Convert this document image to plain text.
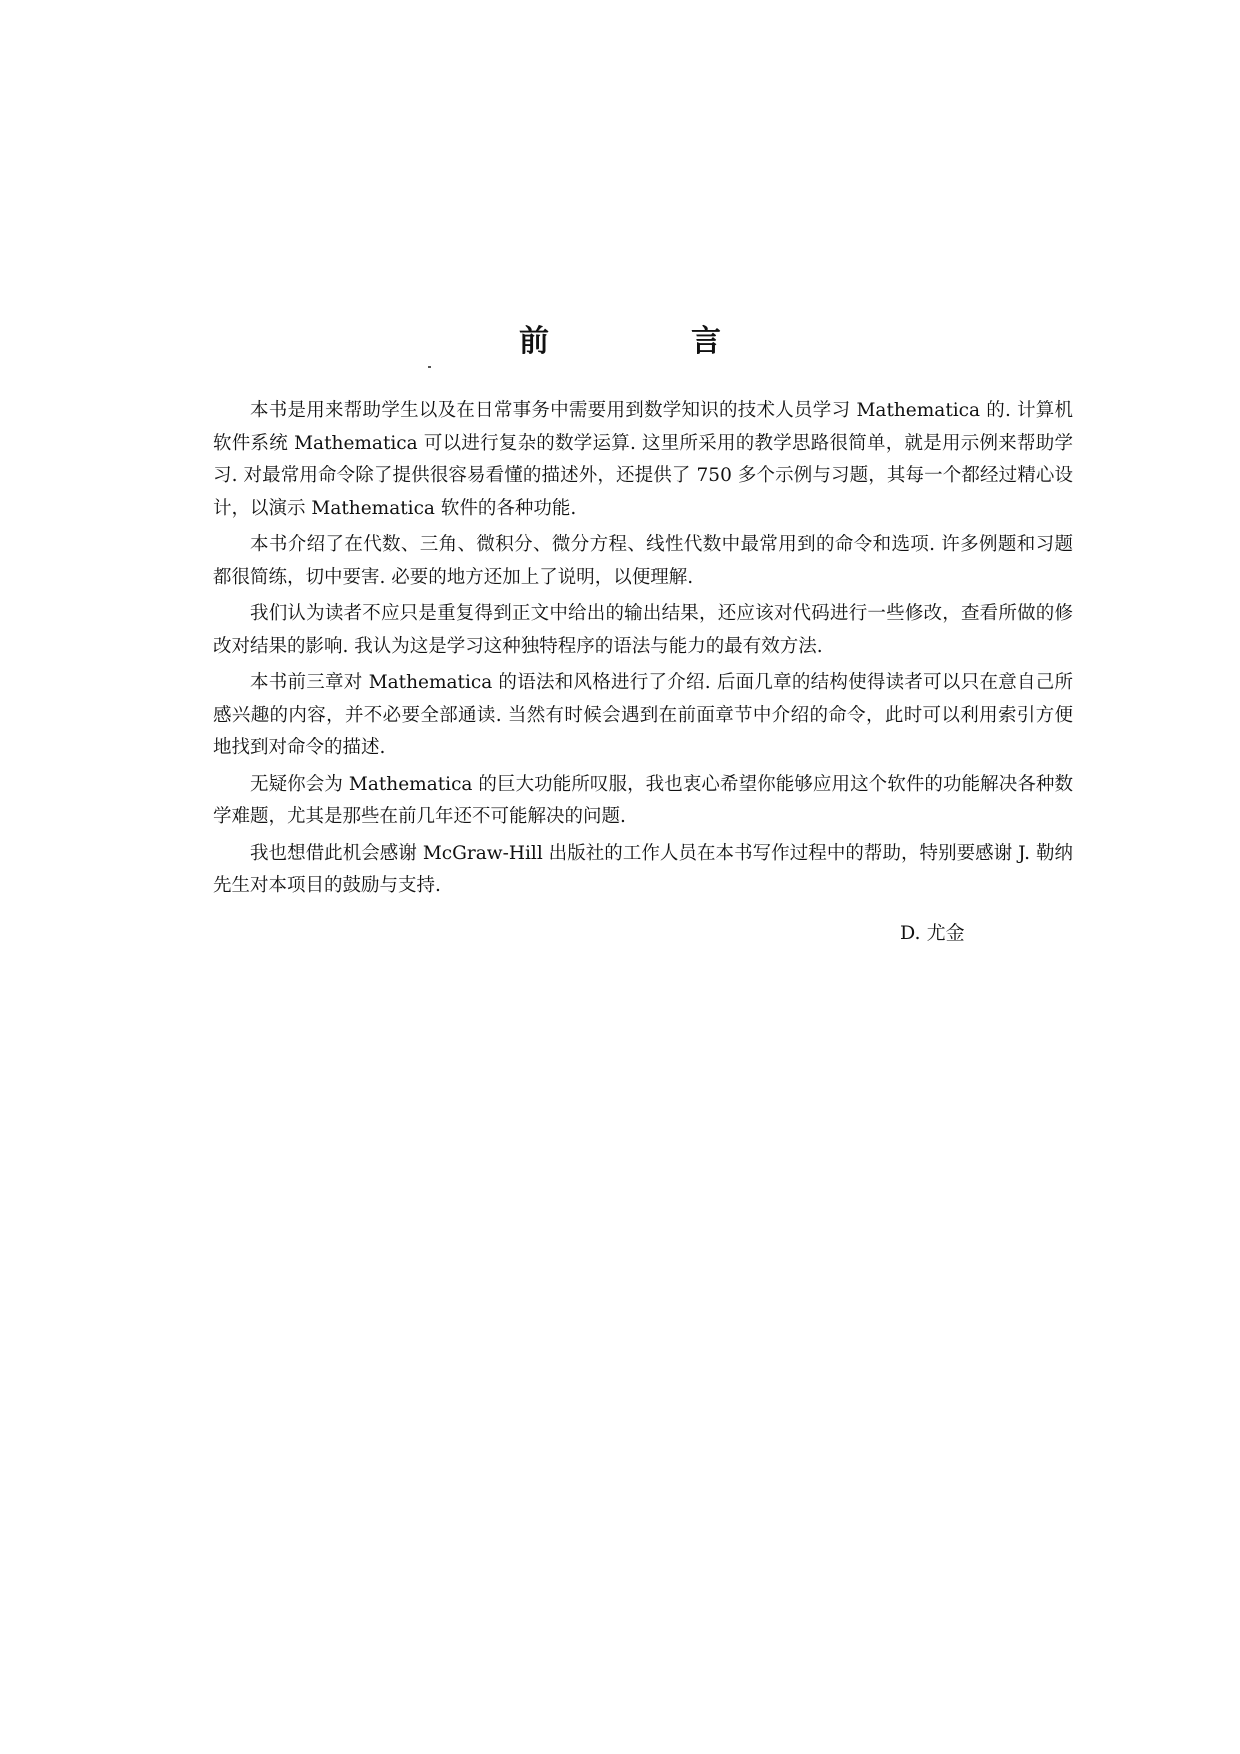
前　言

本书是用来帮助学生以及在日常事务中需要用到数学知识的技术人员学习 Mathematica 的. 计算机软件系统 Mathematica 可以进行复杂的数学运算. 这里所采用的教学思路很简单，就是用示例来帮助学习. 对最常用命令除了提供很容易看懂的描述外，还提供了 750 多个示例与习题，其每一个都经过精心设计，以演示 Mathematica 软件的各种功能.

本书介绍了在代数、三角、微积分、微分方程、线性代数中最常用到的命令和选项. 许多例题和习题都很简练，切中要害. 必要的地方还加上了说明，以便理解.

我们认为读者不应只是重复得到正文中给出的输出结果，还应该对代码进行一些修改，查看所做的修改对结果的影响. 我认为这是学习这种独特程序的语法与能力的最有效方法.

本书前三章对 Mathematica 的语法和风格进行了介绍. 后面几章的结构使得读者可以只在意自己所感兴趣的内容，并不必要全部通读. 当然有时候会遇到在前面章节中介绍的命令，此时可以利用索引方便地找到对命令的描述.

无疑你会为 Mathematica 的巨大功能所叹服，我也衷心希望你能够应用这个软件的功能解决各种数学难题，尤其是那些在前几年还不可能解决的问题.

我也想借此机会感谢 McGraw-Hill 出版社的工作人员在本书写作过程中的帮助，特别要感谢 J. 勒纳先生对本项目的鼓励与支持.

D. 尤金
